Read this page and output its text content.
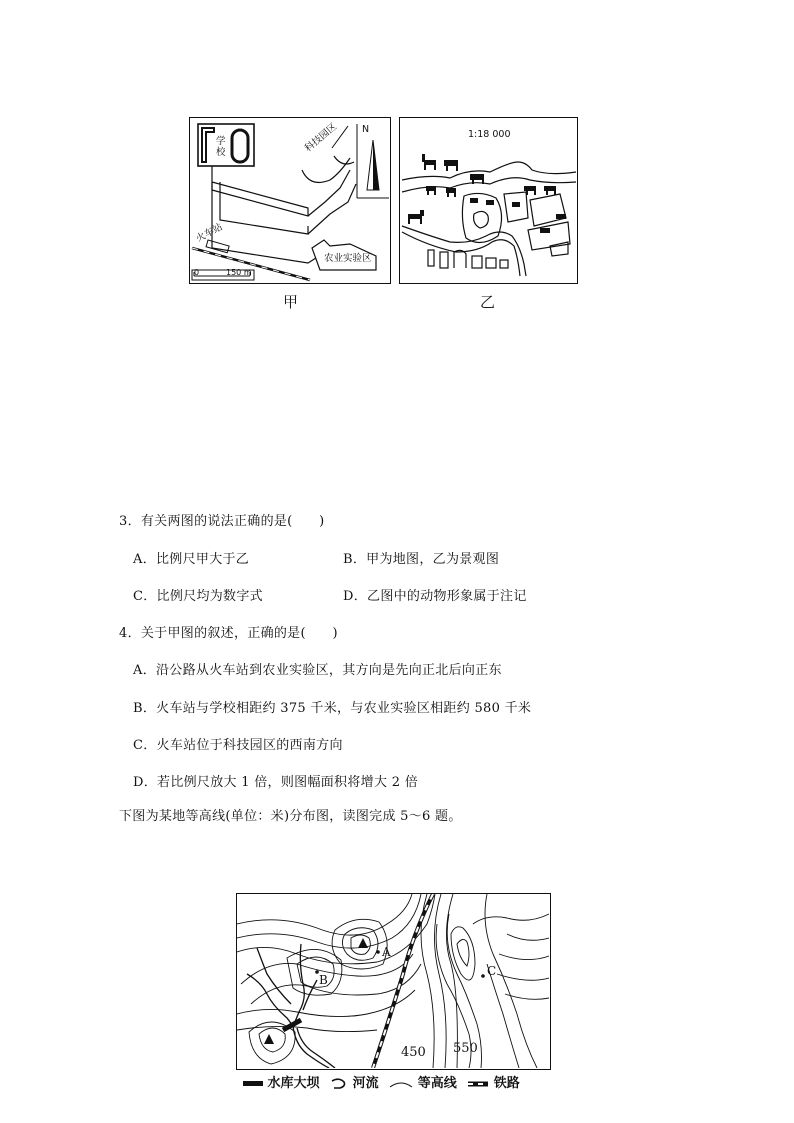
学校	科技园区 N
农业实验区
火车站
0	150 m
甲
1:18 000
乙
3．有关两图的说法正确的是(　　)
A．比例尺甲大于乙	B．甲为地图，乙为景观图
C．比例尺均为数字式	D．乙图中的动物形象属于注记
4．关于甲图的叙述，正确的是(　　)
A．沿公路从火车站到农业实验区，其方向是先向正北后向正东
B．火车站与学校相距约 375 千米，与农业实验区相距约 580 千米
C．火车站位于科技园区的西南方向
D．若比例尺放大 1 倍，则图幅面积将增大 2 倍
下图为某地等高线(单位：米)分布图，读图完成 5～6 题。
A
B
C
450 550
水库大坝	河流	等高线	铁路
